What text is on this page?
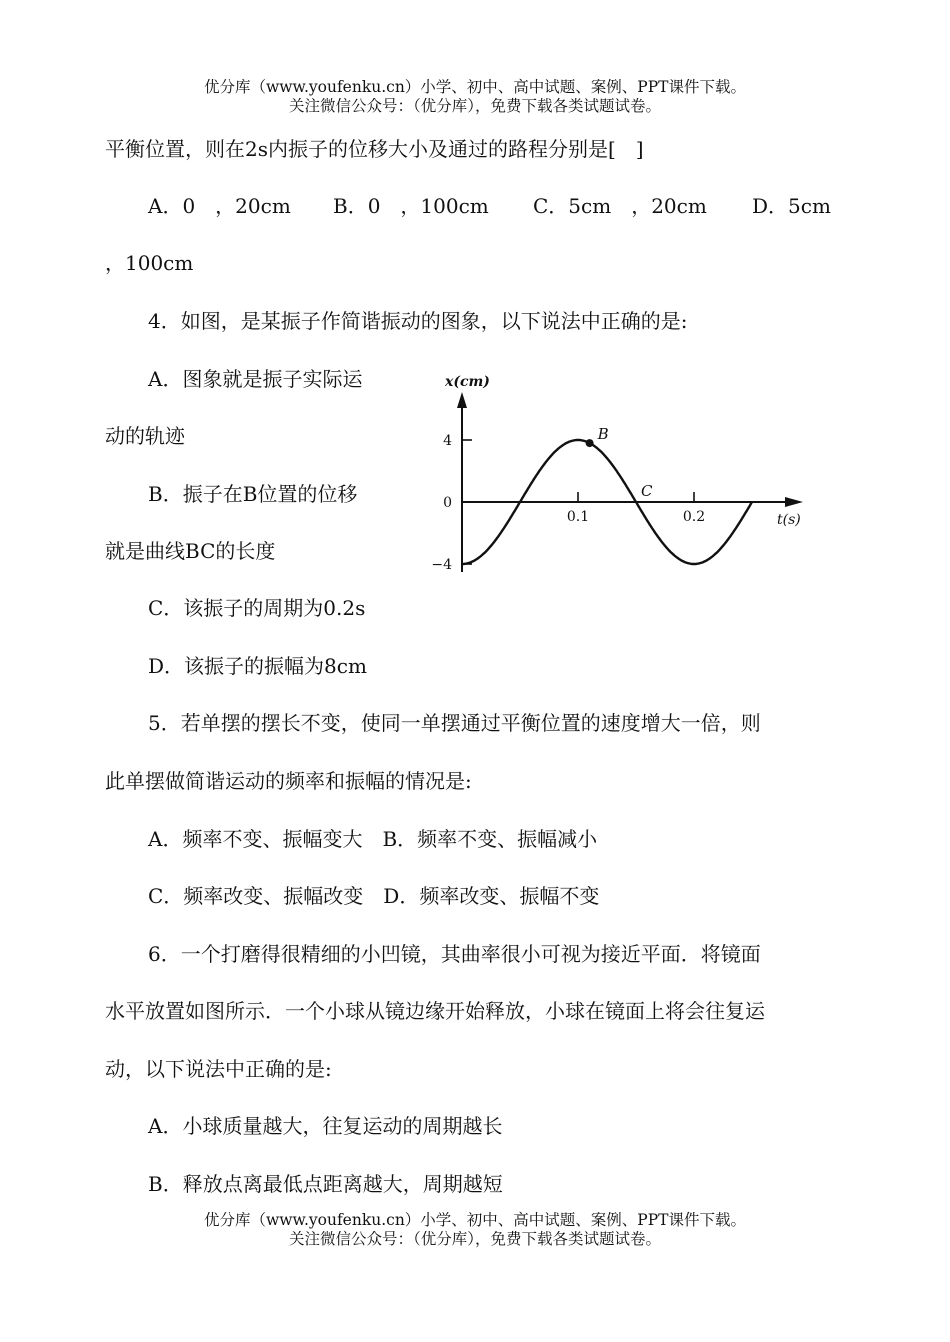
优分库（www.youfenku.cn）小学、初中、高中试题、案例、PPT课件下载。
关注微信公众号：（优分库），免费下载各类试题试卷。
平衡位置，则在2s内振子的位移大小及通过的路程分别是[　]
A．0　，20cm B．0　，100cm C．5cm　，20cm D．5cm
，100cm
4．如图，是某振子作简谐振动的图象，以下说法中正确的是:
A．图象就是振子实际运
动的轨迹
B．振子在B位置的位移
就是曲线BC的长度
C．该振子的周期为0.2s
D．该振子的振幅为8cm
4
0
−4
0.1	0.2
B
C
x(cm)
t(s)
5．若单摆的摆长不变，使同一单摆通过平衡位置的速度增大一倍，则
此单摆做简谐运动的频率和振幅的情况是:
A．频率不变、振幅变大　B．频率不变、振幅减小
C．频率改变、振幅改变　D．频率改变、振幅不变
6．一个打磨得很精细的小凹镜，其曲率很小可视为接近平面．将镜面
水平放置如图所示．一个小球从镜边缘开始释放，小球在镜面上将会往复运
动，以下说法中正确的是:
A．小球质量越大，往复运动的周期越长
B．释放点离最低点距离越大，周期越短
优分库（www.youfenku.cn）小学、初中、高中试题、案例、PPT课件下载。
关注微信公众号：（优分库），免费下载各类试题试卷。
